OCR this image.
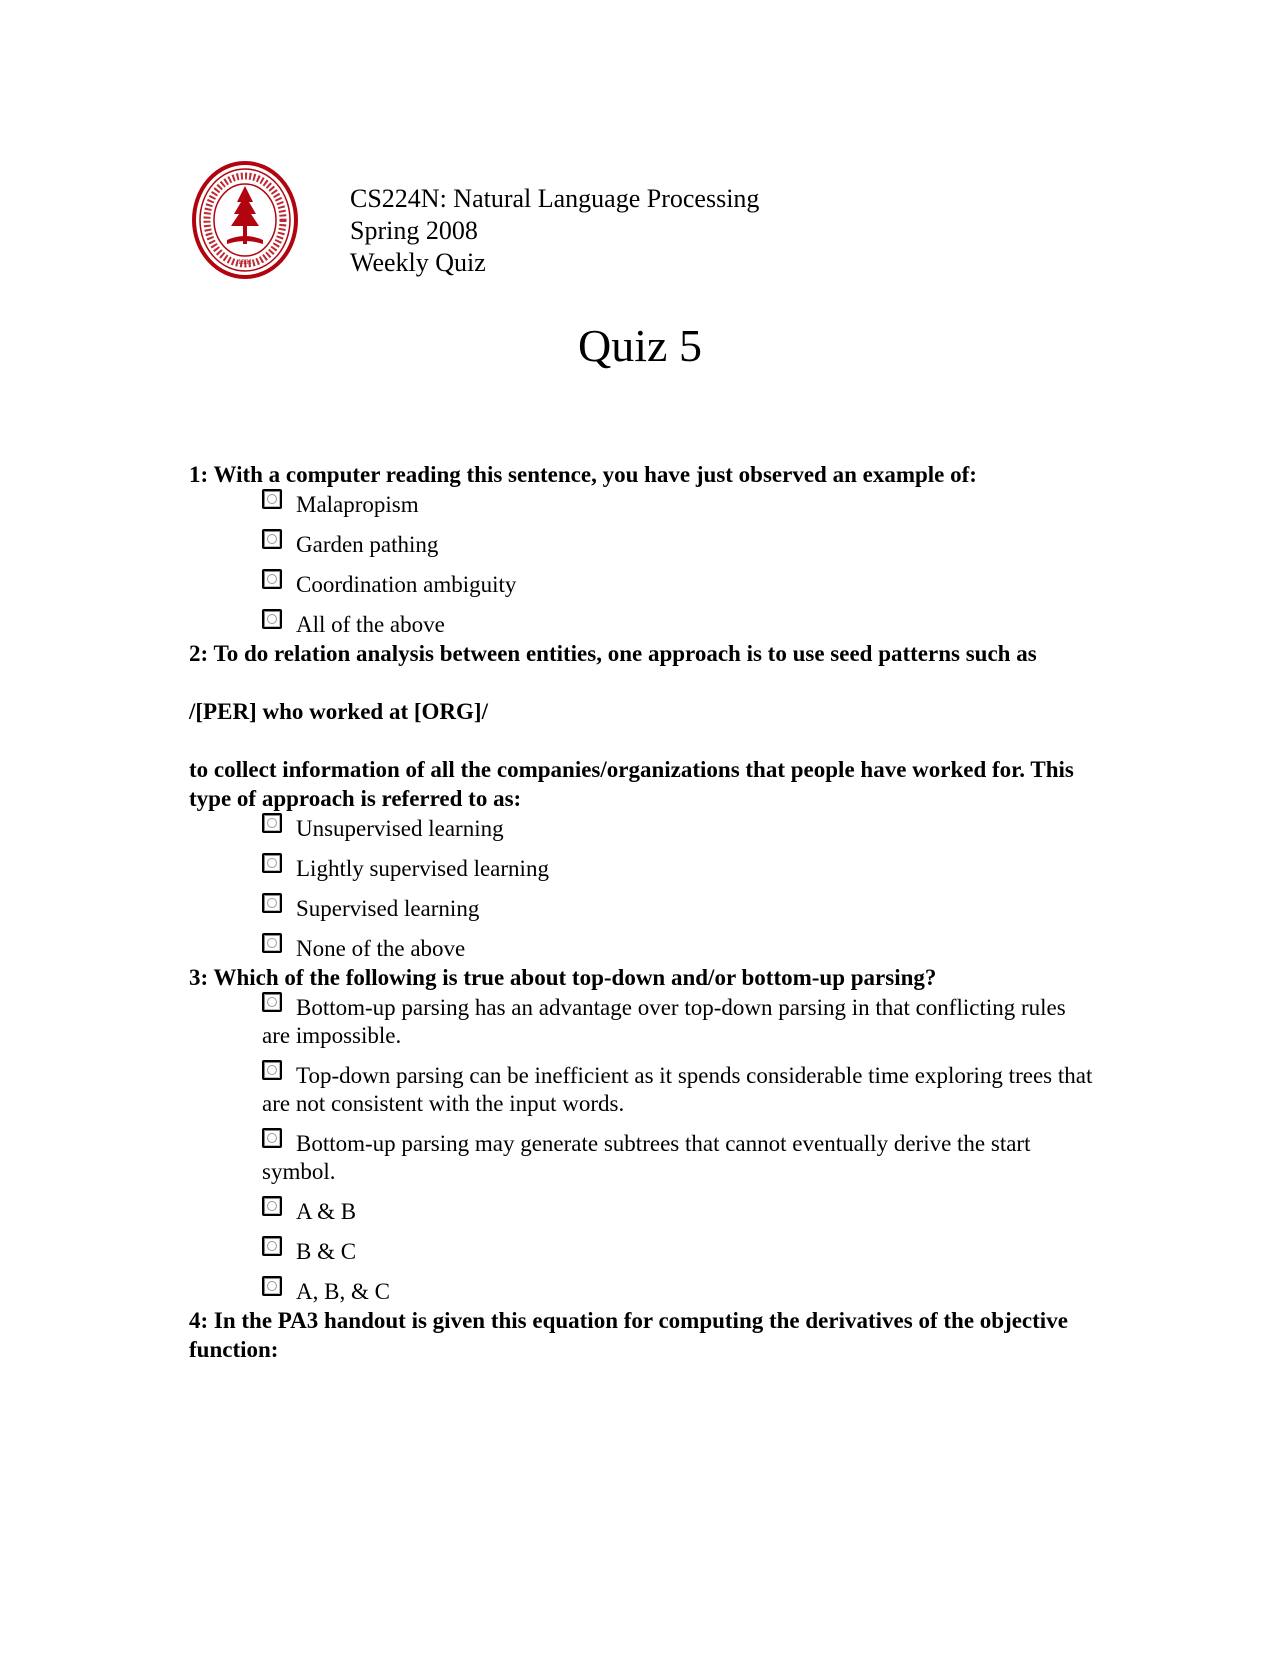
1891
CS224N: Natural Language Processing
Spring 2008
Weekly Quiz
Quiz 5

1: With a computer reading this sentence, you have just observed an example of:

Malapropism
Garden pathing
Coordination ambiguity
All of the above

2: To do relation analysis between entities, one approach is to use seed patterns such as

/[PER] who worked at [ORG]/

to collect information of all the companies/organizations that people have worked for. This type of approach is referred to as:

Unsupervised learning
Lightly supervised learning
Supervised learning
None of the above

3: Which of the following is true about top-down and/or bottom-up parsing?

Bottom-up parsing has an advantage over top-down parsing in that conflicting rules are impossible.
Top-down parsing can be inefficient as it spends considerable time exploring trees that are not consistent with the input words.
Bottom-up parsing may generate subtrees that cannot eventually derive the start symbol.
A & B
B & C
A, B, & C

4: In the PA3 handout is given this equation for computing the derivatives of the objective function:
